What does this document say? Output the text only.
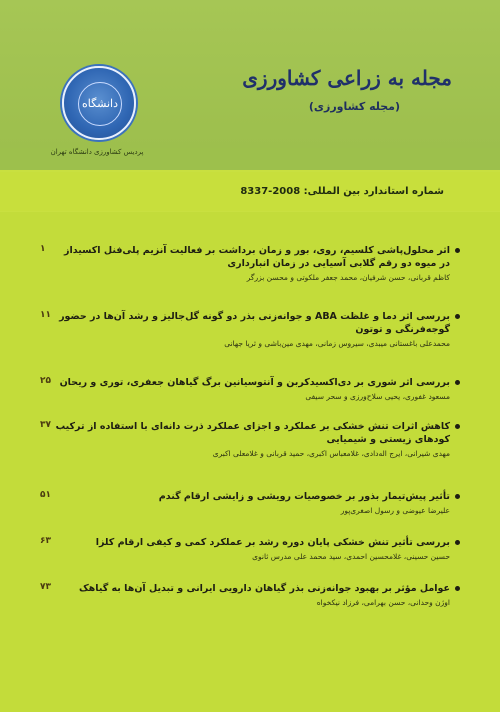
دانشگاه
پردیس کشاورزی دانشگاه تهران
مجله به زراعی کشاورزی
(مجله کشاورزی)
شماره استاندارد بین المللی: 2008-8337
اثر محلول‌پاشی کلسیم، روی، بور و زمان برداشت بر فعالیت آنزیم پلی‌فنل اکسیداز در میوه دو رقم گلابی آسیایی در زمان انبارداری
کاظم قربانی، حسن شرفیان، محمد جعفر ملکوتی و محسن بزرگر
۱
بررسی اثر دما و غلظت ABA و جوانه‌زنی بذر دو گونه گل‌جالیز و رشد آن‌ها در حضور گوجه‌فرنگی و توتون
محمدعلی باغستانی میبدی، سیروس زمانی، مهدی مین‌باشی و ثریا جهانی
۱۱
بررسی اثر شوری بر دی‌اکسیدکربن و آنتوسیانین برگ گیاهان جعفری، توری و ریحان
مسعود غفوری، یحیی سلاح‌ورزی و سحر سیفی
۲۵
کاهش اثرات تنش خشکی بر عملکرد و اجزای عملکرد ذرت دانه‌ای با استفاده از ترکیب کودهای زیستی و شیمیایی
مهدی شیرانی، ایرج اله‌دادی، غلامعباس اکبری، حمید قربانی و غلامعلی اکبری
۳۷
تأثیر پیش‌تیمار بذور بر خصوصیات رویشی و زایشی ارقام گندم
علیرضا عیوضی و رسول اصغری‌پور
۵۱
بررسی تأثیر تنش خشکی پایان دوره رشد بر عملکرد کمی و کیفی ارقام کلزا
حسین حسینی، غلامحسین احمدی، سید محمد علی مدرس ثانوی
۶۳
عوامل مؤثر بر بهبود جوانه‌زنی بذر گیاهان دارویی ایرانی و تبدیل آن‌ها به گیاهک
اوژن وحدانی، حسن بهرامی، فرزاد نیکخواه
۷۳
